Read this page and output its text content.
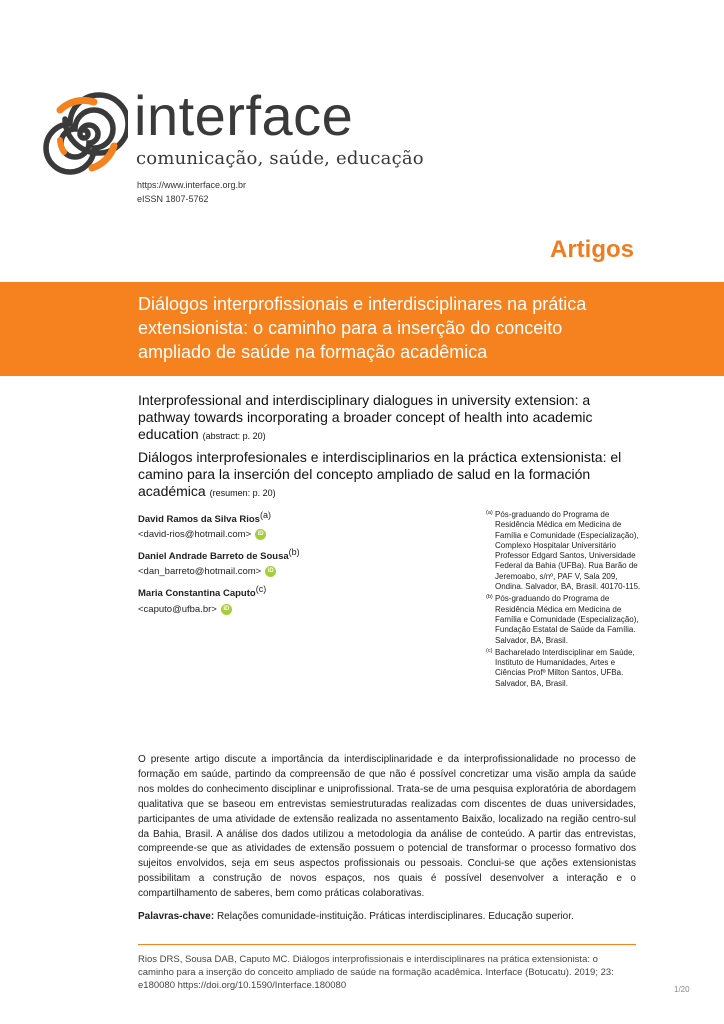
interface
comunicação, saúde, educação
https://www.interface.org.br
eISSN 1807-5762
Artigos
Diálogos interprofissionais e interdisciplinares na prática extensionista: o caminho para a inserção do conceito ampliado de saúde na formação acadêmica
Interprofessional and interdisciplinary dialogues in university extension: a pathway towards incorporating a broader concept of health into academic education (abstract: p. 20)
Diálogos interprofesionales e interdisciplinarios en la práctica extensionista: el camino para la inserción del concepto ampliado de salud en la formación académica (resumen: p. 20)
David Ramos da Silva Rios$^{(a)}$
<david-rios@hotmail.com> iD
Daniel Andrade Barreto de Sousa$^{(b)}$
<dan_barreto@hotmail.com> iD
Maria Constantina Caputo$^{(c)}$
<caputo@ufba.br> iD
(a) Pós-graduando do Programa de Residência Médica em Medicina de Família e Comunidade (Especialização), Complexo Hospitalar Universitário Professor Edgard Santos, Universidade Federal da Bahia (UFBa). Rua Barão de Jeremoabo, s/nº, PAF V, Sala 209, Ondina. Salvador, BA, Brasil. 40170-115.
(b) Pós-graduando do Programa de Residência Médica em Medicina de Família e Comunidade (Especialização), Fundação Estatal de Saúde da Família. Salvador, BA, Brasil.
(c) Bacharelado Interdisciplinar em Saúde, Instituto de Humanidades, Artes e Ciências Profº Milton Santos, UFBa. Salvador, BA, Brasil.

O presente artigo discute a importância da interdisciplinaridade e da interprofissionalidade no processo de formação em saúde, partindo da compreensão de que não é possível concretizar uma visão ampla da saúde nos moldes do conhecimento disciplinar e uniprofissional. Trata-se de uma pesquisa exploratória de abordagem qualitativa que se baseou em entrevistas semiestruturadas realizadas com discentes de duas universidades, participantes de uma atividade de extensão realizada no assentamento Baixão, localizado na região centro-sul da Bahia, Brasil. A análise dos dados utilizou a metodologia da análise de conteúdo. A partir das entrevistas, compreende-se que as atividades de extensão possuem o potencial de transformar o processo formativo dos sujeitos envolvidos, seja em seus aspectos profissionais ou pessoais. Conclui-se que ações extensionistas possibilitam a construção de novos espaços, nos quais é possível desenvolver a interação e o compartilhamento de saberes, bem como práticas colaborativas.

Palavras-chave: Relações comunidade-instituição. Práticas interdisciplinares. Educação superior.
Rios DRS, Sousa DAB, Caputo MC. Diálogos interprofissionais e interdisciplinares na prática extensionista: o caminho para a inserção do conceito ampliado de saúde na formação acadêmica. Interface (Botucatu). 2019; 23: e180080 https://doi.org/10.1590/Interface.180080	1/20
